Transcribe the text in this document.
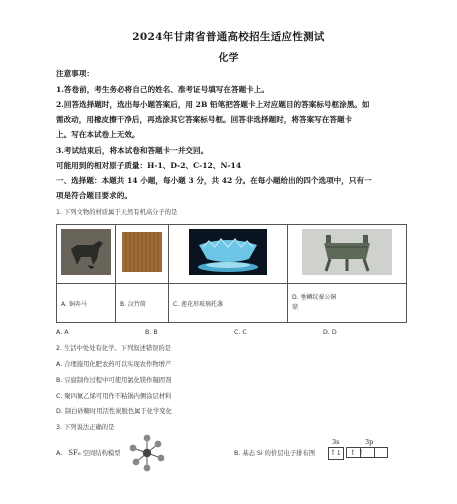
2024年甘肃省普通高校招生适应性测试
化学
注意事项：
1.答卷前，考生务必将自己的姓名、准考证号填写在答题卡上。
2.回答选择题时，选出每小题答案后，用 2B 铅笔把答题卡上对应题目的答案标号框涂黑。如
需改动，用橡皮擦干净后，再选涂其它答案标号框。回答非选择题时，将答案写在答题卡
上。写在本试卷上无效。
3.考试结束后，将本试卷和答题卡一并交回。
可能用到的相对原子质量：H-1、D-2、C-12、N-14
一、选择题：本题共 14 小题，每小题 3 分，共 42 分。在每小题给出的四个选项中，只有一
项是符合题目要求的。
1. 下列文物的材质属于天然有机高分子的是

A. 铜奔马	B. 汉竹简	C. 莲花形玻璃托盏	D. 垂鳞纹秦公铜
鼎
A. A	B. B	C. C	D. D
2. 生活中处处有化学。下列叙述错误的是
A. 合理施用化肥农药可以实现农作物增产
B. 豆腐制作过程中可使用氯化镁作凝固剂
C. 聚四氟乙烯可用作不粘锅内侧涂层材料
D. 制白砂糖时用活性炭脱色属于化学变化
3. 下列说法正确的是
A. SF₆ 空间结构模型	B. 基态 Si 的价层电子排布图
3s	3p
↑↓	↑ ↑
